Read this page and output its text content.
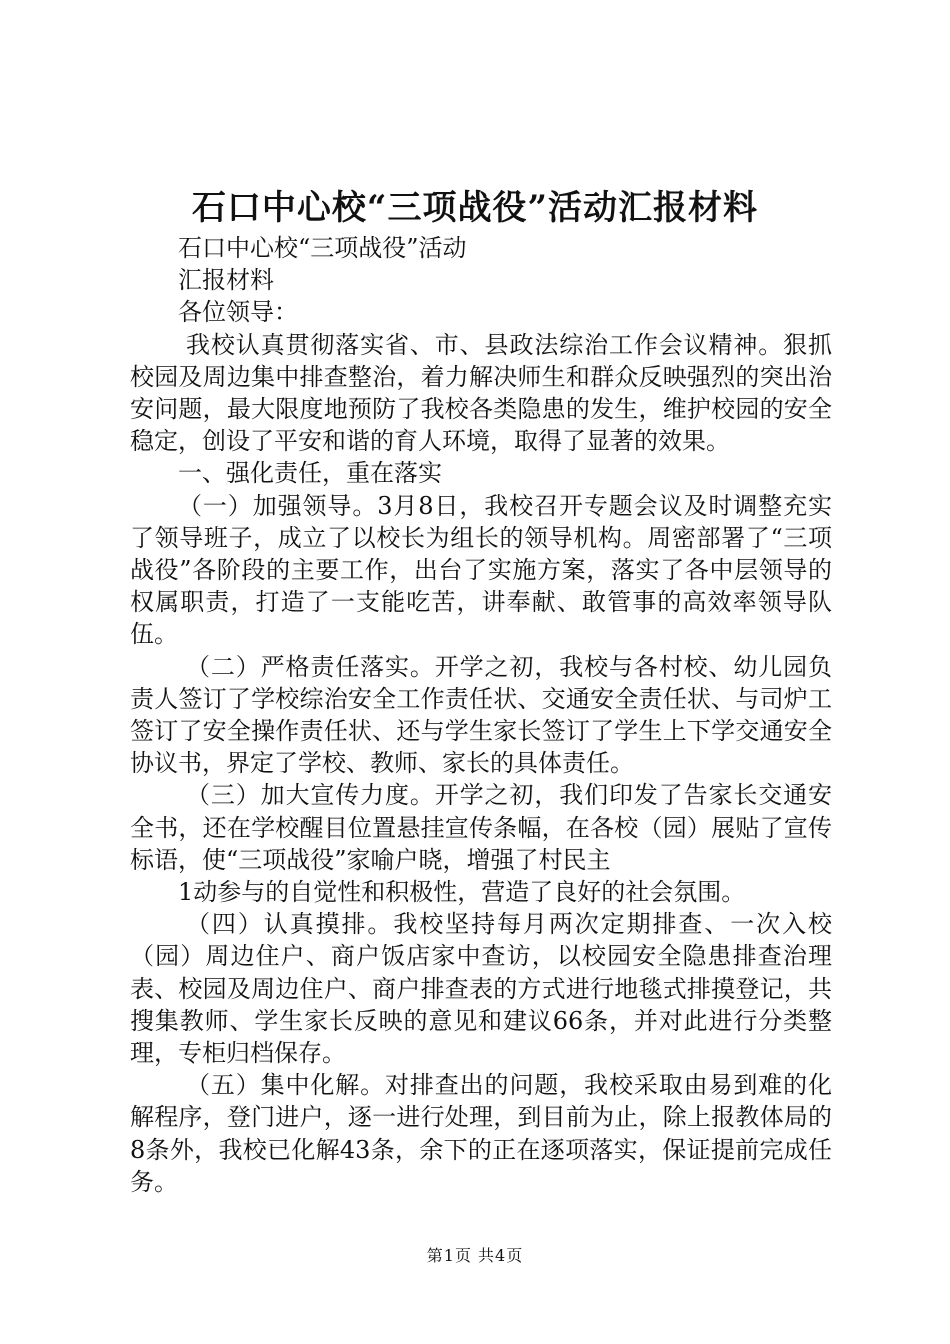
石口中心校“三项战役”活动汇报材料

石口中心校“三项战役”活动

汇报材料

各位领导：

我校认真贯彻落实省、市、县政法综治工作会议精神。狠抓校园及周边集中排查整治，着力解决师生和群众反映强烈的突出治安问题，最大限度地预防了我校各类隐患的发生，维护校园的安全稳定，创设了平安和谐的育人环境，取得了显著的效果。

一、强化责任，重在落实

（一）加强领导。3月8日，我校召开专题会议及时调整充实了领导班子，成立了以校长为组长的领导机构。周密部署了“三项战役”各阶段的主要工作，出台了实施方案，落实了各中层领导的权属职责，打造了一支能吃苦，讲奉献、敢管事的高效率领导队伍。

（二）严格责任落实。开学之初，我校与各村校、幼儿园负责人签订了学校综治安全工作责任状、交通安全责任状、与司炉工签订了安全操作责任状、还与学生家长签订了学生上下学交通安全协议书，界定了学校、教师、家长的具体责任。

（三）加大宣传力度。开学之初，我们印发了告家长交通安全书，还在学校醒目位置悬挂宣传条幅，在各校（园）展贴了宣传标语，使“三项战役”家喻户晓，增强了村民主

1动参与的自觉性和积极性，营造了良好的社会氛围。

（四）认真摸排。我校坚持每月两次定期排查、一次入校（园）周边住户、商户饭店家中查访，以校园安全隐患排查治理表、校园及周边住户、商户排查表的方式进行地毯式排摸登记，共搜集教师、学生家长反映的意见和建议66条，并对此进行分类整理，专柜归档保存。

（五）集中化解。对排查出的问题，我校采取由易到难的化解程序，登门进户，逐一进行处理，到目前为止，除上报教体局的8条外，我校已化解43条，余下的正在逐项落实，保证提前完成任务。

第1页 共4页
